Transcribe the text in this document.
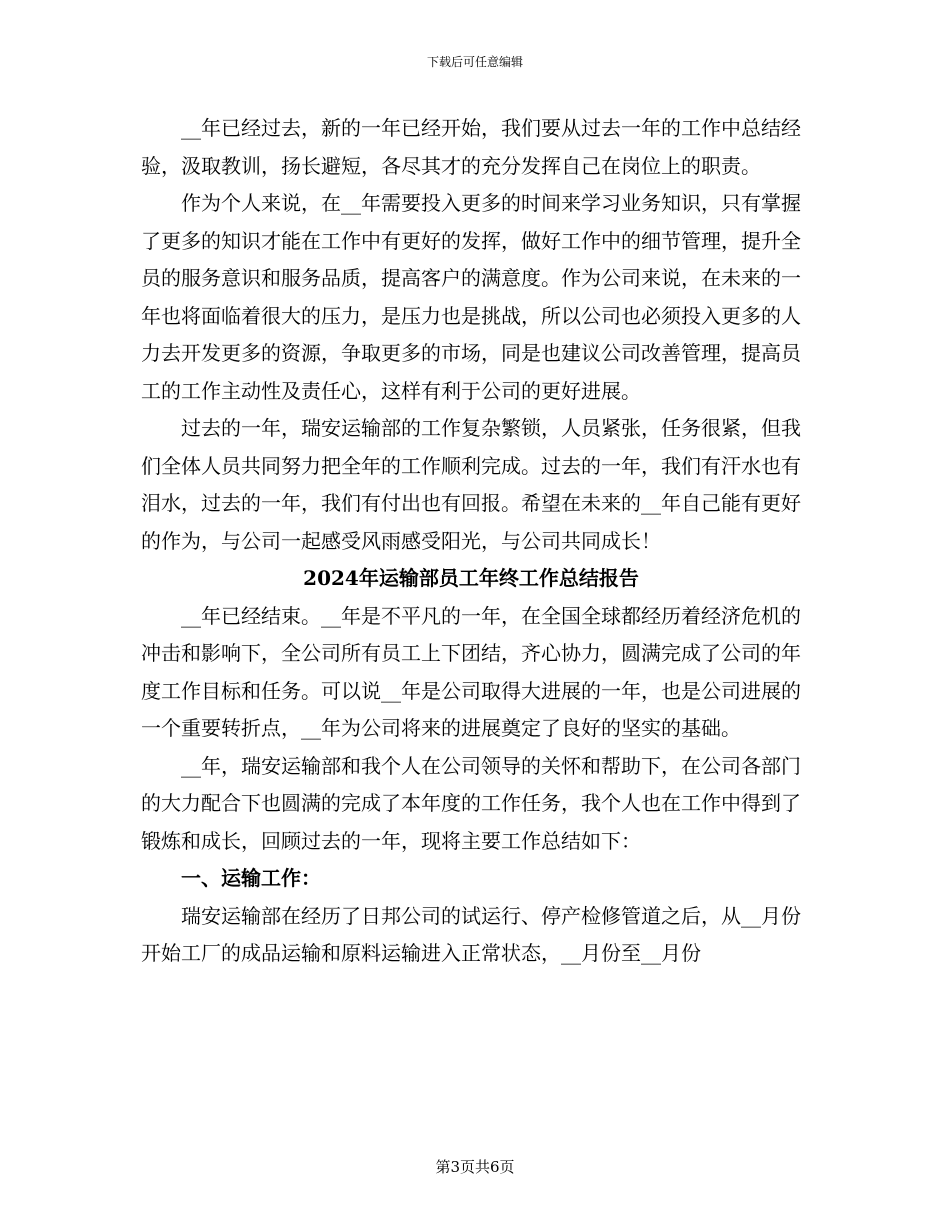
下载后可任意编辑

__年已经过去，新的一年已经开始，我们要从过去一年的工作中总结经验，汲取教训，扬长避短，各尽其才的充分发挥自己在岗位上的职责。

作为个人来说，在__年需要投入更多的时间来学习业务知识，只有掌握了更多的知识才能在工作中有更好的发挥，做好工作中的细节管理，提升全员的服务意识和服务品质，提高客户的满意度。作为公司来说，在未来的一年也将面临着很大的压力，是压力也是挑战，所以公司也必须投入更多的人力去开发更多的资源，争取更多的市场，同是也建议公司改善管理，提高员工的工作主动性及责任心，这样有利于公司的更好进展。

过去的一年，瑞安运输部的工作复杂繁锁，人员紧张，任务很紧，但我们全体人员共同努力把全年的工作顺利完成。过去的一年，我们有汗水也有泪水，过去的一年，我们有付出也有回报。希望在未来的__年自己能有更好的作为，与公司一起感受风雨感受阳光，与公司共同成长！

2024年运输部员工年终工作总结报告

__年已经结束。__年是不平凡的一年，在全国全球都经历着经济危机的冲击和影响下，全公司所有员工上下团结，齐心协力，圆满完成了公司的年度工作目标和任务。可以说__年是公司取得大进展的一年，也是公司进展的一个重要转折点，__年为公司将来的进展奠定了良好的坚实的基础。

__年，瑞安运输部和我个人在公司领导的关怀和帮助下，在公司各部门的大力配合下也圆满的完成了本年度的工作任务，我个人也在工作中得到了锻炼和成长，回顾过去的一年，现将主要工作总结如下：

一、运输工作：

瑞安运输部在经历了日邦公司的试运行、停产检修管道之后，从__月份开始工厂的成品运输和原料运输进入正常状态，__月份至__月份

第3页共6页
